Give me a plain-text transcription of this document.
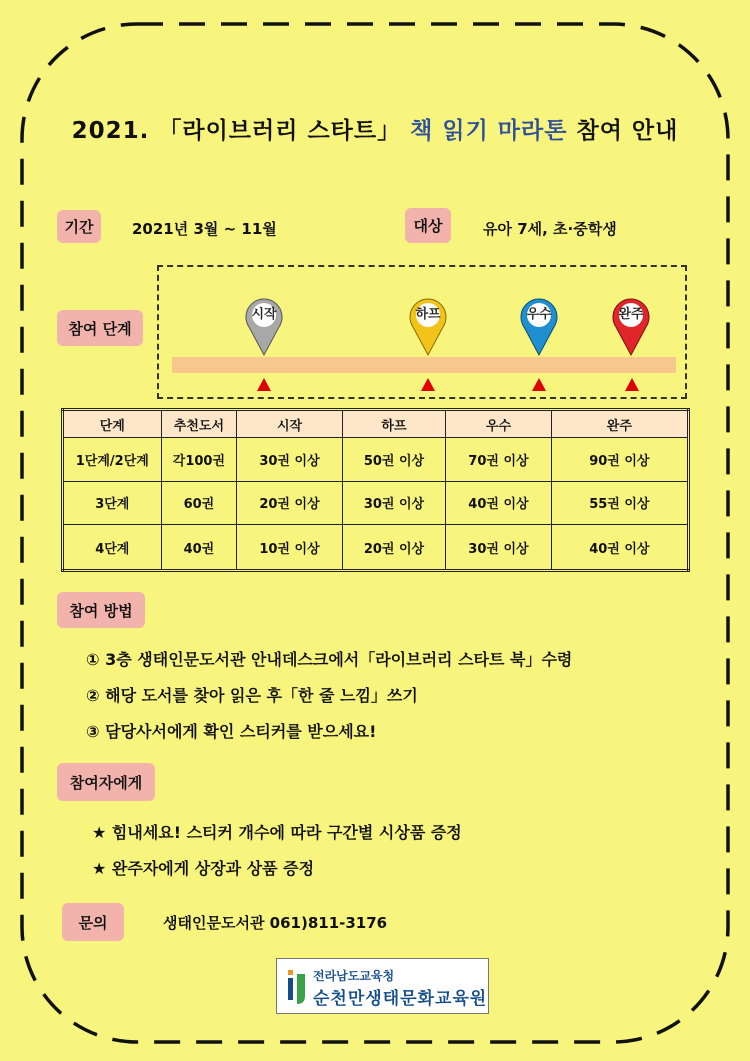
2021. 「라이브러리 스타트」 책 읽기 마라톤 참여 안내
기간	2021년 3월 ~ 11월	대상	유아 7세, 초·중학생
참여 단계
시작	하프	우수	완주
단계	추천도서	시작	하프	우수	완주
1단계/2단계	각100권	30권 이상	50권 이상	70권 이상	90권 이상
3단계	60권	20권 이상	30권 이상	40권 이상	55권 이상
4단계	40권	10권 이상	20권 이상	30권 이상	40권 이상
참여 방법
① 3층 생태인문도서관 안내데스크에서「라이브러리 스타트 북」수령
② 해당 도서를 찾아 읽은 후「한 줄 느낌」쓰기
③ 담당사서에게 확인 스티커를 받으세요!
참여자에게
★ 힘내세요! 스티커 개수에 따라 구간별 시상품 증정
★ 완주자에게 상장과 상품 증정
문의	생태인문도서관 061)811-3176
전라남도교육청
순천만생태문화교육원
